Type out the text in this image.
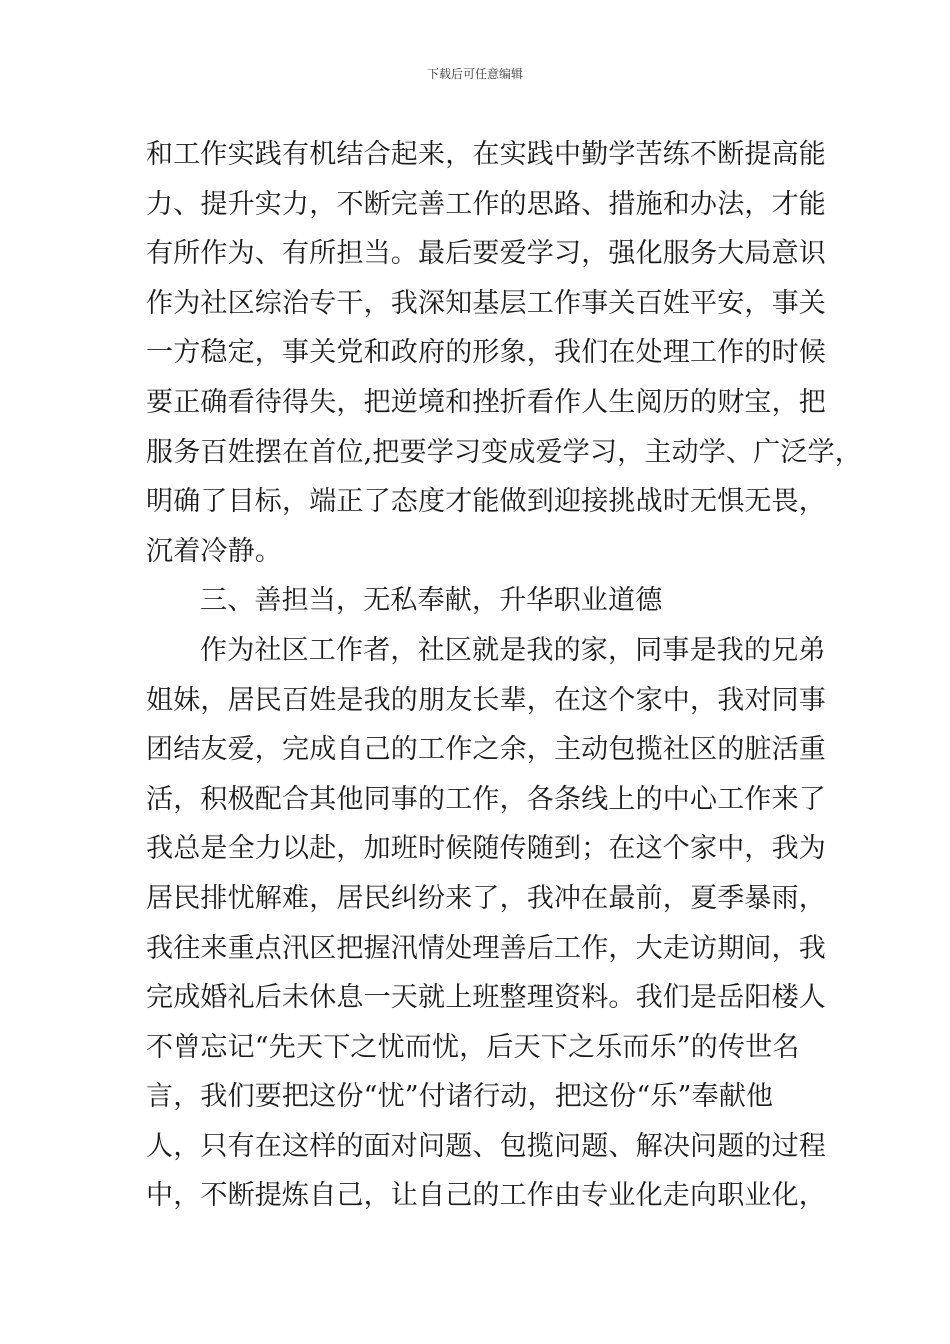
下载后可任意编辑
和工作实践有机结合起来，在实践中勤学苦练不断提高能
力、提升实力，不断完善工作的思路、措施和办法，才能
有所作为、有所担当。最后要爱学习，强化服务大局意识
作为社区综治专干，我深知基层工作事关百姓平安，事关
一方稳定，事关党和政府的形象，我们在处理工作的时候
要正确看待得失，把逆境和挫折看作人生阅历的财宝，把
服务百姓摆在首位,把要学习变成爱学习，主动学、广泛学，
明确了目标，端正了态度才能做到迎接挑战时无惧无畏，
沉着冷静。
三、善担当，无私奉献，升华职业道德
作为社区工作者，社区就是我的家，同事是我的兄弟
姐妹，居民百姓是我的朋友长辈，在这个家中，我对同事
团结友爱，完成自己的工作之余，主动包揽社区的脏活重
活，积极配合其他同事的工作，各条线上的中心工作来了
我总是全力以赴，加班时候随传随到；在这个家中，我为
居民排忧解难，居民纠纷来了，我冲在最前，夏季暴雨，
我往来重点汛区把握汛情处理善后工作，大走访期间，我
完成婚礼后未休息一天就上班整理资料。我们是岳阳楼人
不曾忘记“先天下之忧而忧，后天下之乐而乐”的传世名
言，我们要把这份“忧”付诸行动，把这份“乐”奉献他
人，只有在这样的面对问题、包揽问题、解决问题的过程
中，不断提炼自己，让自己的工作由专业化走向职业化，
